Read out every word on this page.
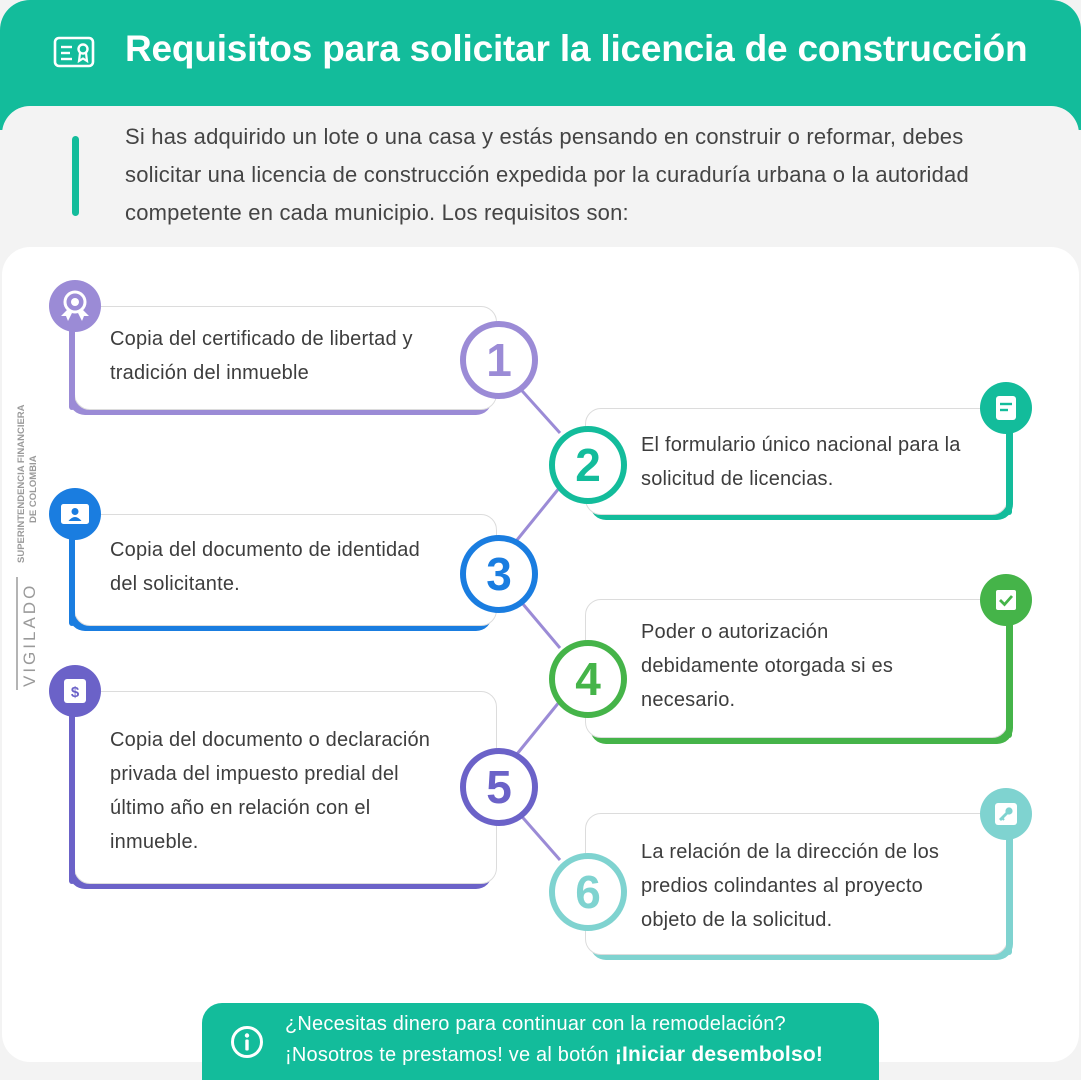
Requisitos para solicitar la licencia de construcción

Si has adquirido un lote o una casa y estás pensando en construir o reformar, debes solicitar una licencia de construcción expedida por la curaduría urbana o la autoridad competente en cada municipio. Los requisitos son:

SUPERINTENDENCIA FINANCIERA DE COLOMBIA
VIGILADO

Copia del certificado de libertad y tradición del inmueble	1

El formulario único nacional para la solicitud de licencias.

2

Copia del documento de identidad del solicitante.	3

Poder o autorización debidamente otorgada si es necesario.

4
$

Copia del documento o declaración privada del impuesto predial del último año en relación con el inmueble.

5

La relación de la dirección de los predios colindantes al proyecto objeto de la solicitud.

6

¿Necesitas dinero para continuar con la remodelación?

¡Nosotros te prestamos! ve al botón ¡Iniciar desembolso!
